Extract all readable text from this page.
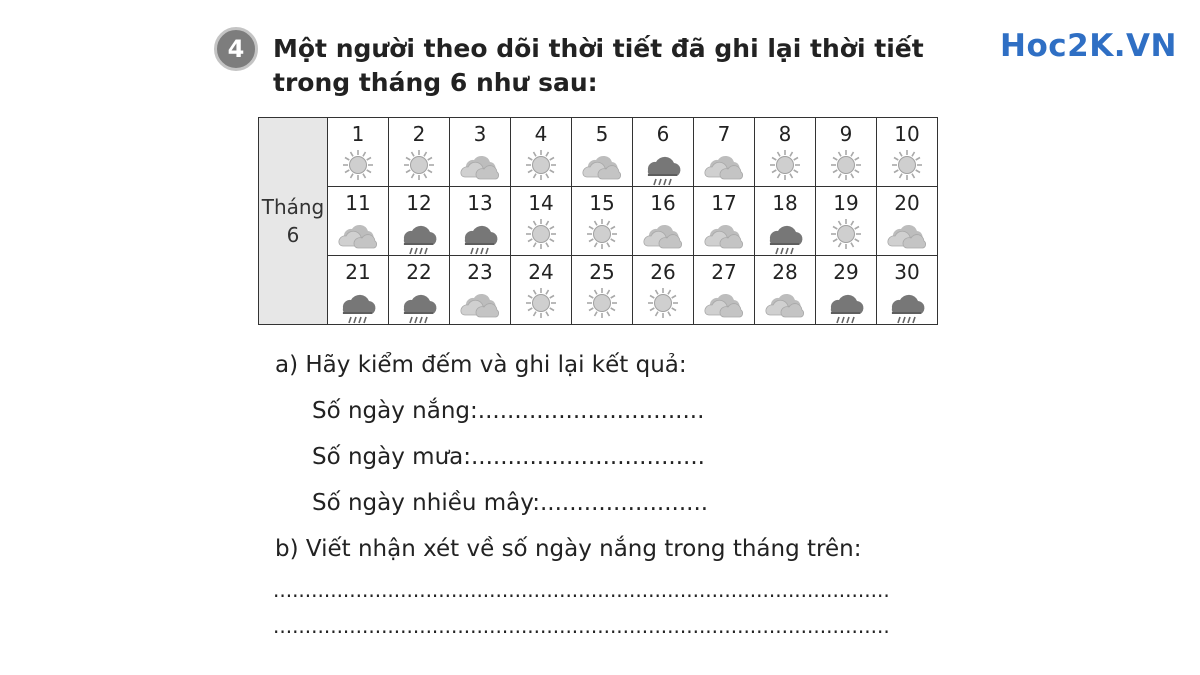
4 Một người theo dõi thời tiết đã ghi lại thời tiết trong tháng 6 như sau:
Hoc2K.VN
Tháng
6	1	2	3	4	5	6	7	8	9	10

	11	12	13	14	15	16	17	18	19	20

	21	22	23	24	25	26	27	28	29	30
a) Hãy kiểm đếm và ghi lại kết quả:
Số ngày nắng:...............................
Số ngày mưa:................................
Số ngày nhiều mây:.......................
b) Viết nhận xét về số ngày nắng trong tháng trên:
.................................................................................................
.................................................................................................
